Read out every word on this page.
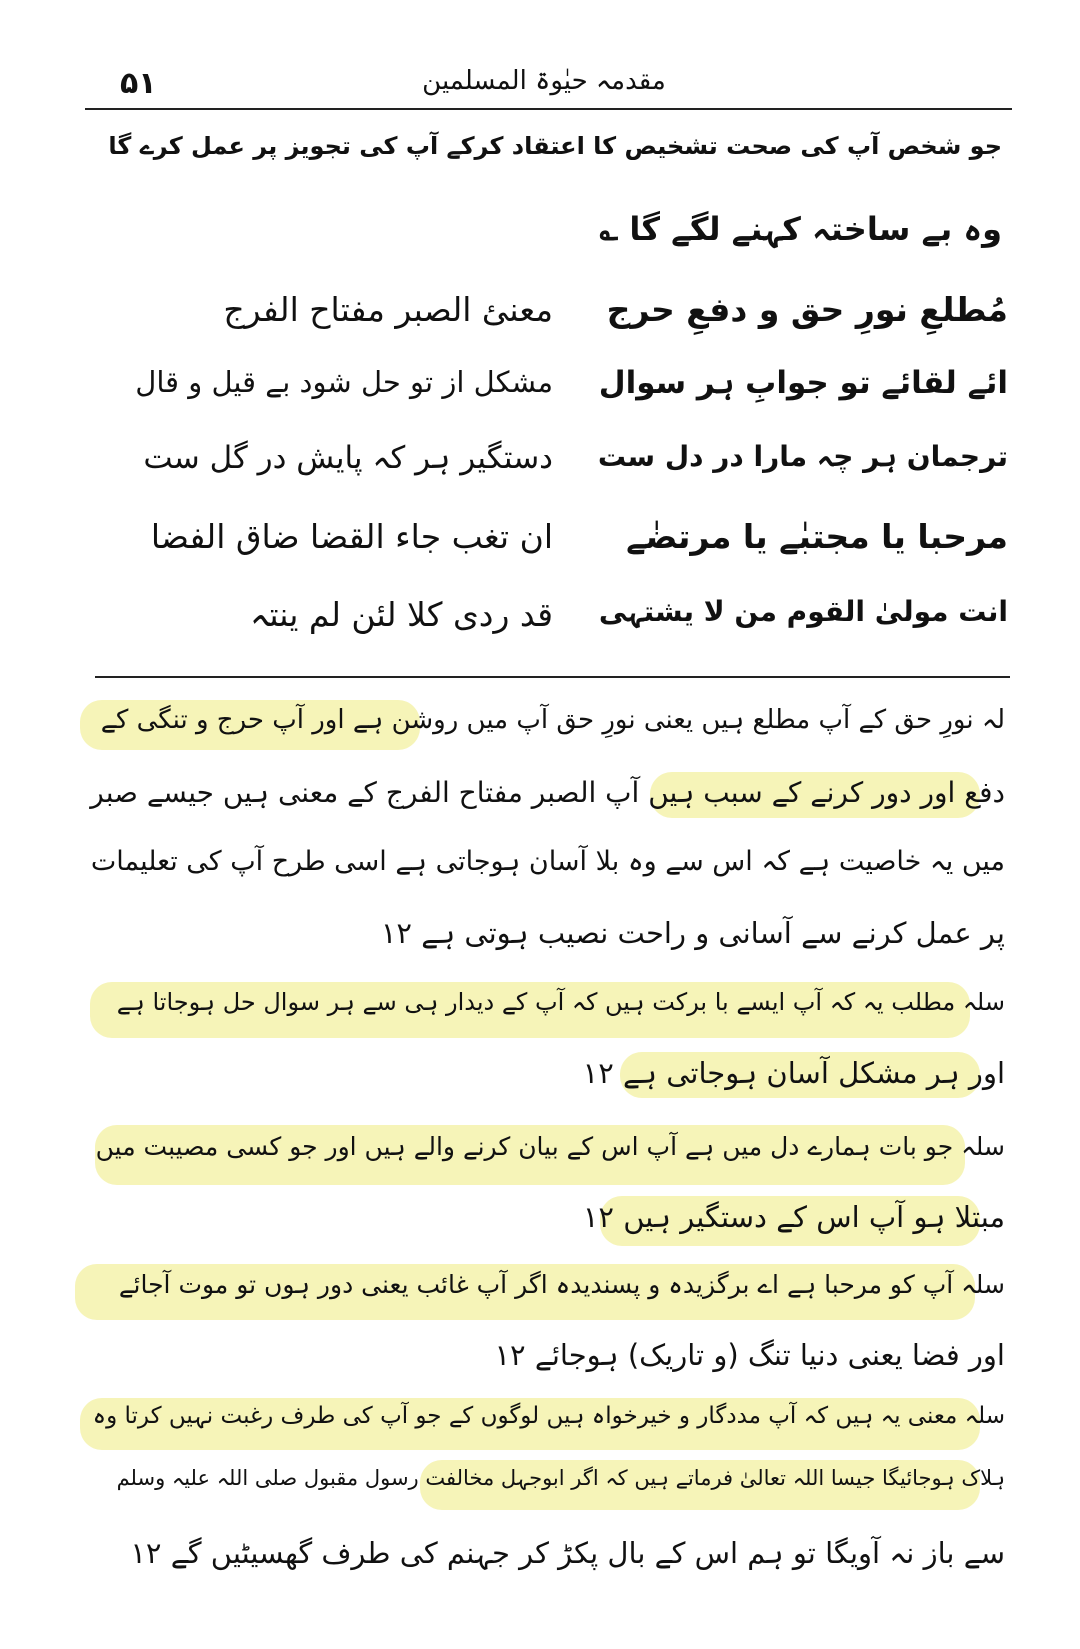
۵۱	مقدمہ حیٰوۃ المسلمین
جو شخص آپ کی صحت تشخیص کا اعتقاد کرکے آپ کی تجویز پر عمل کرے گا
وہ بے ساختہ کہنے لگے گا ؎
مُطلعِ نورِ حق و دفعِ حرج
معنئ الصبر مفتاح الفرج
ائے لقائے تو جوابِ ہر سوال
مشکل از تو حل شود بے قیل و قال
ترجمان ہر چہ مارا در دل ست
دستگیر ہر کہ پایش در گل ست
مرحبا یا مجتبٰے یا مرتضٰے
ان تغب جاء القضا ضاق الفضا
انت مولیٰ القوم من لا یشتہی
قد ردی کلا لئن لم ینتہ
لہ نورِ حق کے آپ مطلع ہیں یعنی نورِ حق آپ میں روشن ہے اور آپ حرج و تنگی کے
دفع اور دور کرنے کے سبب ہیں آپ الصبر مفتاح الفرج کے معنی ہیں جیسے صبر
میں یہ خاصیت ہے کہ اس سے وہ بلا آسان ہوجاتی ہے اسی طرح آپ کی تعلیمات
پر عمل کرنے سے آسانی و راحت نصیب ہوتی ہے ۱۲
سلہ مطلب یہ کہ آپ ایسے با برکت ہیں کہ آپ کے دیدار ہی سے ہر سوال حل ہوجاتا ہے
اور ہر مشکل آسان ہوجاتی ہے ۱۲
سلہ جو بات ہمارے دل میں ہے آپ اس کے بیان کرنے والے ہیں اور جو کسی مصیبت میں
مبتلا ہو آپ اس کے دستگیر ہیں ۱۲
سلہ آپ کو مرحبا ہے اے برگزیدہ و پسندیدہ اگر آپ غائب یعنی دور ہوں تو موت آجائے
اور فضا یعنی دنیا تنگ (و تاریک) ہوجائے ۱۲
سلہ معنی یہ ہیں کہ آپ مددگار و خیرخواہ ہیں لوگوں کے جو آپ کی طرف رغبت نہیں کرتا وہ
ہلاک ہوجائیگا جیسا اللہ تعالیٰ فرماتے ہیں کہ اگر ابوجہل مخالفت رسول مقبول صلی اللہ علیہ وسلم
سے باز نہ آویگا تو ہم اس کے بال پکڑ کر جہنم کی طرف گھسیٹیں گے ۱۲
